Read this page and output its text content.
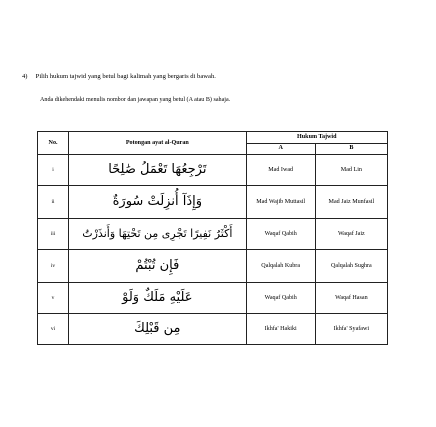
4) Pilih hukum tajwid yang betul bagi kalimah yang bergaris di bawah.
Anda dikehendaki menulis nombor dan jawapan yang betul (A atau B) sahaja.
No.	Potongan ayat al-Quran	Hukum Tajwid	
		A	B
i	تَرْجِعُهَا تَعْمَلُ صَٰلِحًا	Mad Iwad	Mad Lin
ii	وَإِذَآ أُنزِلَتْ سُورَةٌ	Mad Wajib Muttasil	Mad Jaiz Munfasil
iii	أَكْثَرُ نَفِيرًا تَجْرِى مِن تَحْتِهَا وَأَنذَرْتُ	Waqaf Qabih	Waqaf Jaiz
iv	فَإِن تُبْتُمْ	Qalqalah Kubra	Qalqalah Sughra
v	عَلَيْهِ مَلَكٌ وَلَوْ	Waqaf Qabih	Waqaf Hasan
vi	مِن قَبْلِكَ	Ikhfa' Hakiki	Ikhfa' Syafawi
